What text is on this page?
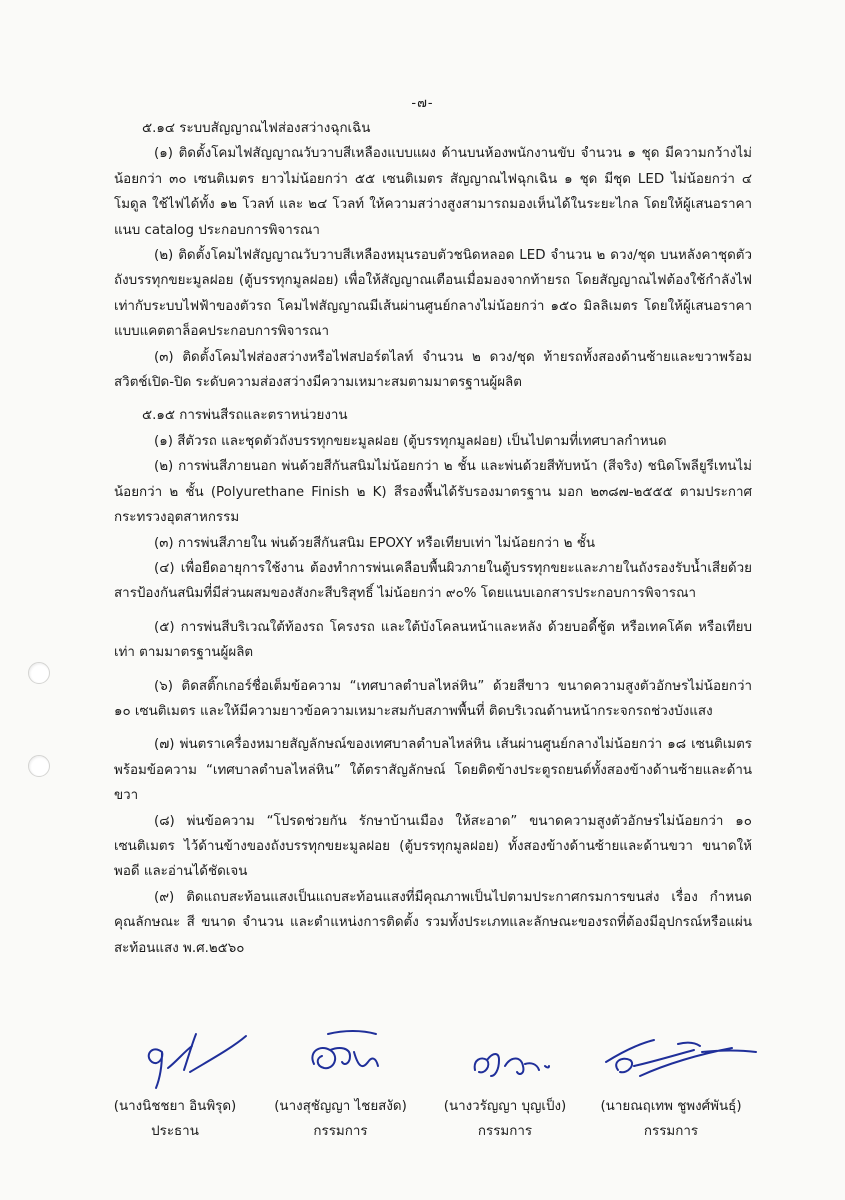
-๗-

๕.๑๔ ระบบสัญญาณไฟส่องสว่างฉุกเฉิน

(๑) ติดตั้งโคมไฟสัญญาณวับวาบสีเหลืองแบบแผง ด้านบนห้องพนักงานขับ จำนวน ๑ ชุด มีความกว้างไม่น้อยกว่า ๓๐ เซนติเมตร ยาวไม่น้อยกว่า ๕๕ เซนติเมตร สัญญาณไฟฉุกเฉิน ๑ ชุด มีชุด LED ไม่น้อยกว่า ๔ โมดูล ใช้ไฟได้ทั้ง ๑๒ โวลท์ และ ๒๔ โวลท์ ให้ความสว่างสูงสามารถมองเห็นได้ในระยะไกล โดยให้ผู้เสนอราคาแนบ catalog ประกอบการพิจารณา

(๒) ติดตั้งโคมไฟสัญญาณวับวาบสีเหลืองหมุนรอบตัวชนิดหลอด LED จำนวน ๒ ดวง/ชุด บนหลังคาชุดตัวถังบรรทุกขยะมูลฝอย (ตู้บรรทุกมูลฝอย) เพื่อให้สัญญาณเตือนเมื่อมองจากท้ายรถ โดยสัญญาณไฟต้องใช้กำลังไฟเท่ากับระบบไฟฟ้าของตัวรถ โคมไฟสัญญาณมีเส้นผ่านศูนย์กลางไม่น้อยกว่า ๑๕๐ มิลลิเมตร โดยให้ผู้เสนอราคาแบบแคตตาล็อคประกอบการพิจารณา

(๓) ติดตั้งโคมไฟส่องสว่างหรือไฟสปอร์ตไลท์ จำนวน ๒ ดวง/ชุด ท้ายรถทั้งสองด้านซ้ายและขวาพร้อมสวิตช์เปิด-ปิด ระดับความส่องสว่างมีความเหมาะสมตามมาตรฐานผู้ผลิต

๕.๑๕ การพ่นสีรถและตราหน่วยงาน

(๑) สีตัวรถ และชุดตัวถังบรรทุกขยะมูลฝอย (ตู้บรรทุกมูลฝอย) เป็นไปตามที่เทศบาลกำหนด

(๒) การพ่นสีภายนอก พ่นด้วยสีกันสนิมไม่น้อยกว่า ๒ ชั้น และพ่นด้วยสีทับหน้า (สีจริง) ชนิดโพลียูรีเทนไม่น้อยกว่า ๒ ชั้น (Polyurethane Finish ๒ K) สีรองพื้นได้รับรองมาตรฐาน มอก ๒๓๘๗-๒๕๕๕ ตามประกาศกระทรวงอุตสาหกรรม

(๓) การพ่นสีภายใน พ่นด้วยสีกันสนิม EPOXY หรือเทียบเท่า ไม่น้อยกว่า ๒ ชั้น

(๔) เพื่อยืดอายุการใช้งาน ต้องทำการพ่นเคลือบพื้นผิวภายในตู้บรรทุกขยะและภายในถังรองรับน้ำเสียด้วยสารป้องกันสนิมที่มีส่วนผสมของสังกะสีบริสุทธิ์ ไม่น้อยกว่า ๙๐% โดยแนบเอกสารประกอบการพิจารณา

(๕) การพ่นสีบริเวณใต้ท้องรถ โครงรถ และใต้บังโคลนหน้าและหลัง ด้วยบอดี้ชู้ต หรือเทคโค้ต หรือเทียบเท่า ตามมาตรฐานผู้ผลิต

(๖) ติดสติ๊กเกอร์ชื่อเต็มข้อความ “เทศบาลตำบลไหล่หิน” ด้วยสีขาว ขนาดความสูงตัวอักษรไม่น้อยกว่า ๑๐ เซนติเมตร และให้มีความยาวข้อความเหมาะสมกับสภาพพื้นที่ ติดบริเวณด้านหน้ากระจกรถช่วงบังแสง

(๗) พ่นตราเครื่องหมายสัญลักษณ์ของเทศบาลตำบลไหล่หิน เส้นผ่านศูนย์กลางไม่น้อยกว่า ๑๘ เซนติเมตร พร้อมข้อความ “เทศบาลตำบลไหล่หิน” ใต้ตราสัญลักษณ์ โดยติดข้างประตูรถยนต์ทั้งสองข้างด้านซ้ายและด้านขวา

(๘) พ่นข้อความ “โปรดช่วยกัน รักษาบ้านเมือง ให้สะอาด” ขนาดความสูงตัวอักษรไม่น้อยกว่า ๑๐ เซนติเมตร ไว้ด้านข้างของถังบรรทุกขยะมูลฝอย (ตู้บรรทุกมูลฝอย) ทั้งสองข้างด้านซ้ายและด้านขวา ขนาดให้พอดี และอ่านได้ชัดเจน

(๙) ติดแถบสะท้อนแสงเป็นแถบสะท้อนแสงที่มีคุณภาพเป็นไปตามประกาศกรมการขนส่ง เรื่อง กำหนดคุณลักษณะ สี ขนาด จำนวน และตำแหน่งการติดตั้ง รวมทั้งประเภทและลักษณะของรถที่ต้องมีอุปกรณ์หรือแผ่นสะท้อนแสง พ.ศ.๒๕๖๐

(นางนิชชยา อินพิรุด)
ประธาน
(นางสุชัญญา ไชยสงัด)
กรรมการ
(นางวรัญญา บุญเป็ง)
กรรมการ
(นายณฤเทพ ชูพงศ์พันธุ์)
กรรมการ
